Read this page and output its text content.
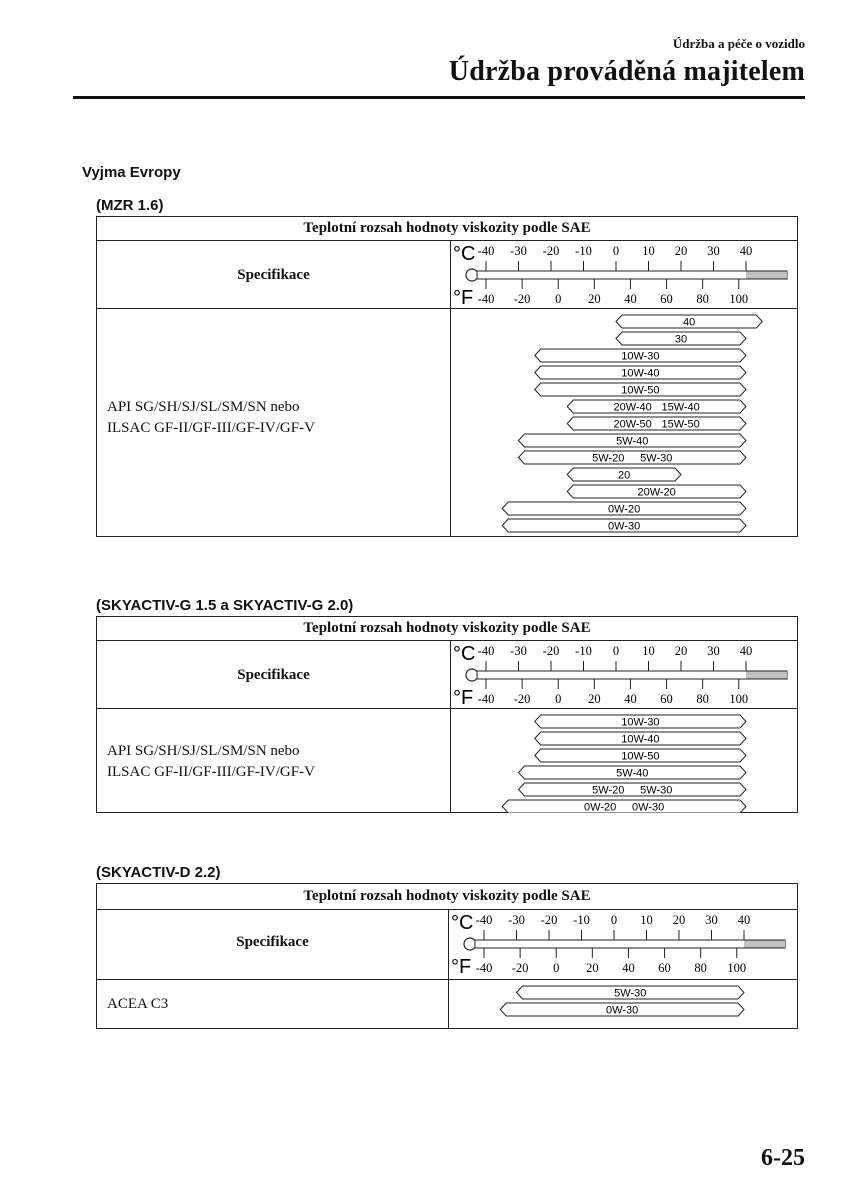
Údržba a péče o vozidlo
Údržba prováděná majitelem
Vyjma Evropy
(MZR 1.6)
Teplotní rozsah hodnoty viskozity podle SAE
Specifikace
API SG/SH/SJ/SL/SM/SN nebo
ILSAC GF-II/GF-III/GF-IV/GF-V
°C
°F
-40 -30 -20 -10 0 10 20 30 40
-40 -20 0 20 40 60 80 100
40
30
10W-30
10W-40
10W-50
20W-40 15W-40
20W-50 15W-50
5W-40
5W-20 5W-30
20
20W-20
0W-20
0W-30
(SKYACTIV-G 1.5 a SKYACTIV-G 2.0)
Teplotní rozsah hodnoty viskozity podle SAE
Specifikace
API SG/SH/SJ/SL/SM/SN nebo
ILSAC GF-II/GF-III/GF-IV/GF-V
°C
°F
-40 -30 -20 -10 0 10 20 30 40
-40 -20 0 20 40 60 80 100
10W-30
10W-40
10W-50
5W-40
5W-20 5W-30
0W-20 0W-30
(SKYACTIV-D 2.2)
Teplotní rozsah hodnoty viskozity podle SAE
Specifikace
ACEA C3
°C
°F
-40 -30 -20 -10 0 10 20 30 40
-40 -20 0 20 40 60 80 100
5W-30
0W-30
6-25
